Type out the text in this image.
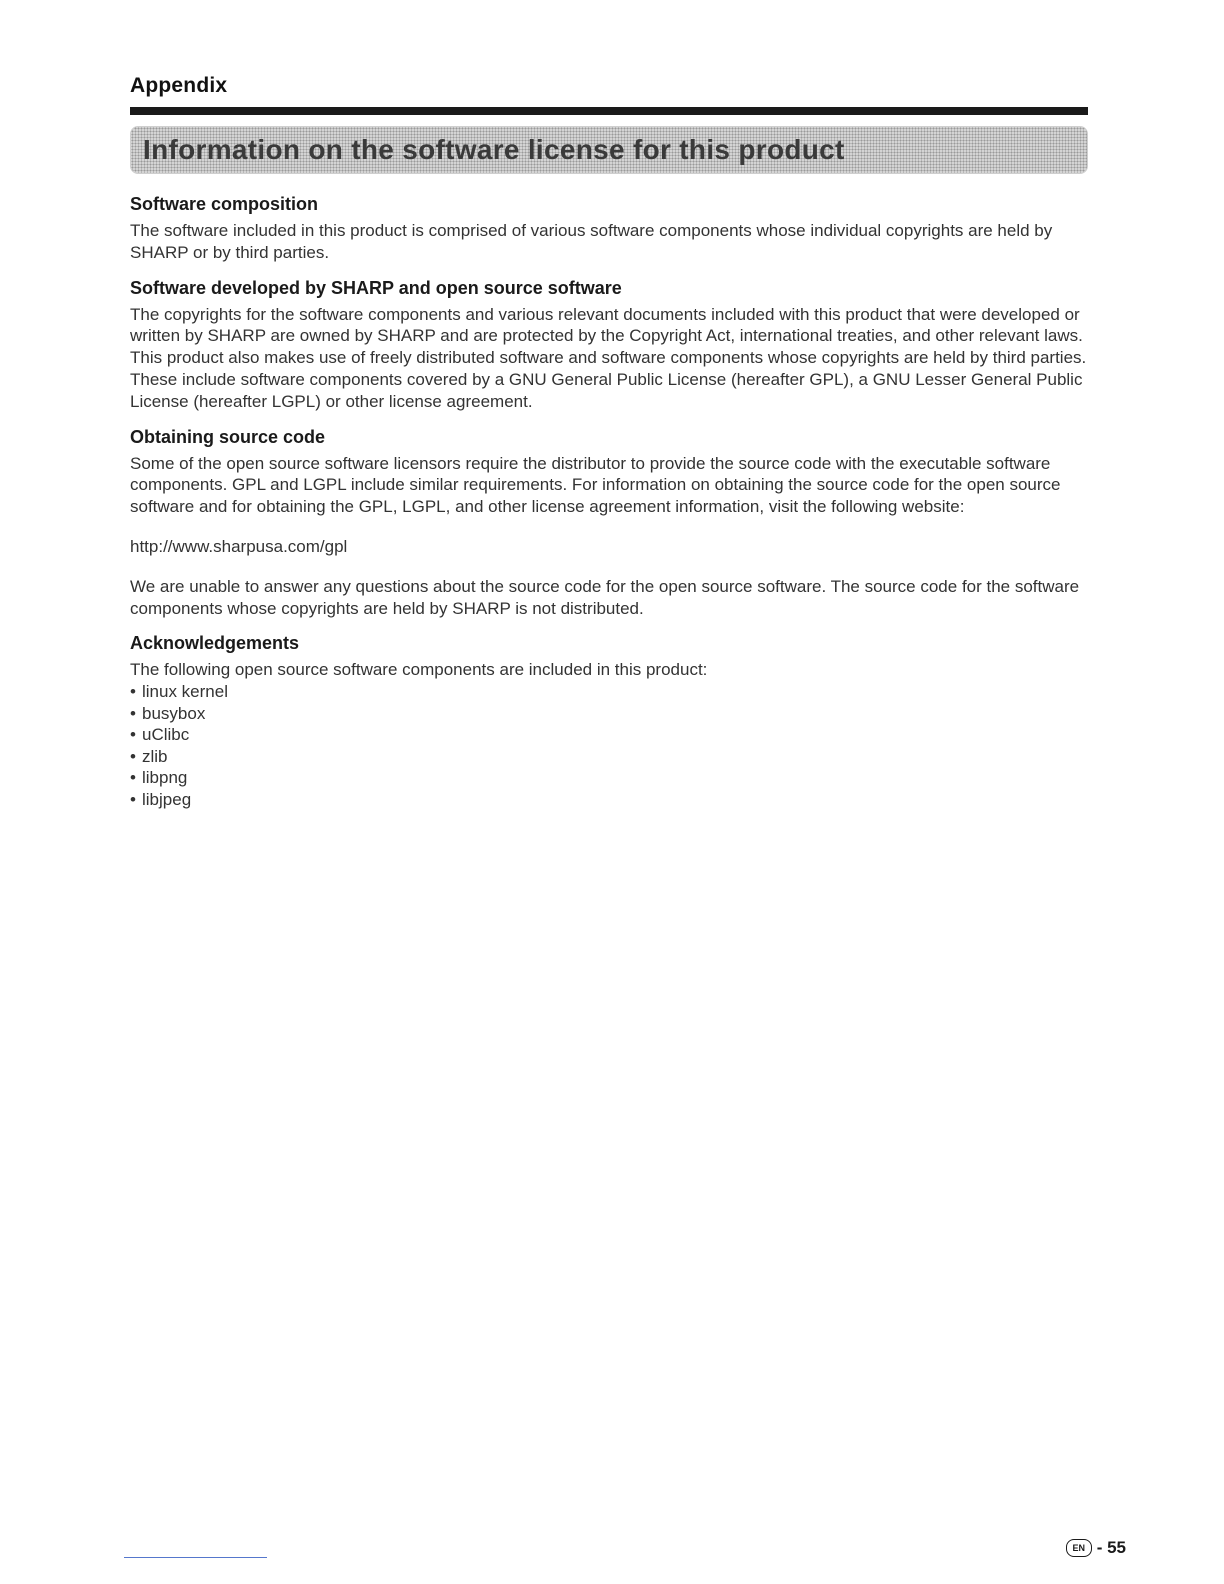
Appendix
Information on the software license for this product
Software composition

The software included in this product is comprised of various software components whose individual copyrights are held by SHARP or by third parties.

Software developed by SHARP and open source software

The copyrights for the software components and various relevant documents included with this product that were developed or written by SHARP are owned by SHARP and are protected by the Copyright Act, international treaties, and other relevant laws. This product also makes use of freely distributed software and software components whose copyrights are held by third parties. These include software components covered by a GNU General Public License (hereafter GPL), a GNU Lesser General Public License (hereafter LGPL) or other license agreement.

Obtaining source code

Some of the open source software licensors require the distributor to provide the source code with the executable software components. GPL and LGPL include similar requirements. For information on obtaining the source code for the open source software and for obtaining the GPL, LGPL, and other license agreement information, visit the following website:

http://www.sharpusa.com/gpl

We are unable to answer any questions about the source code for the open source software. The source code for the software components whose copyrights are held by SHARP is not distributed.

Acknowledgements

The following open source software components are included in this product:

• linux kernel
• busybox
• uClibc
• zlib
• libpng
• libjpeg
EN - 55
